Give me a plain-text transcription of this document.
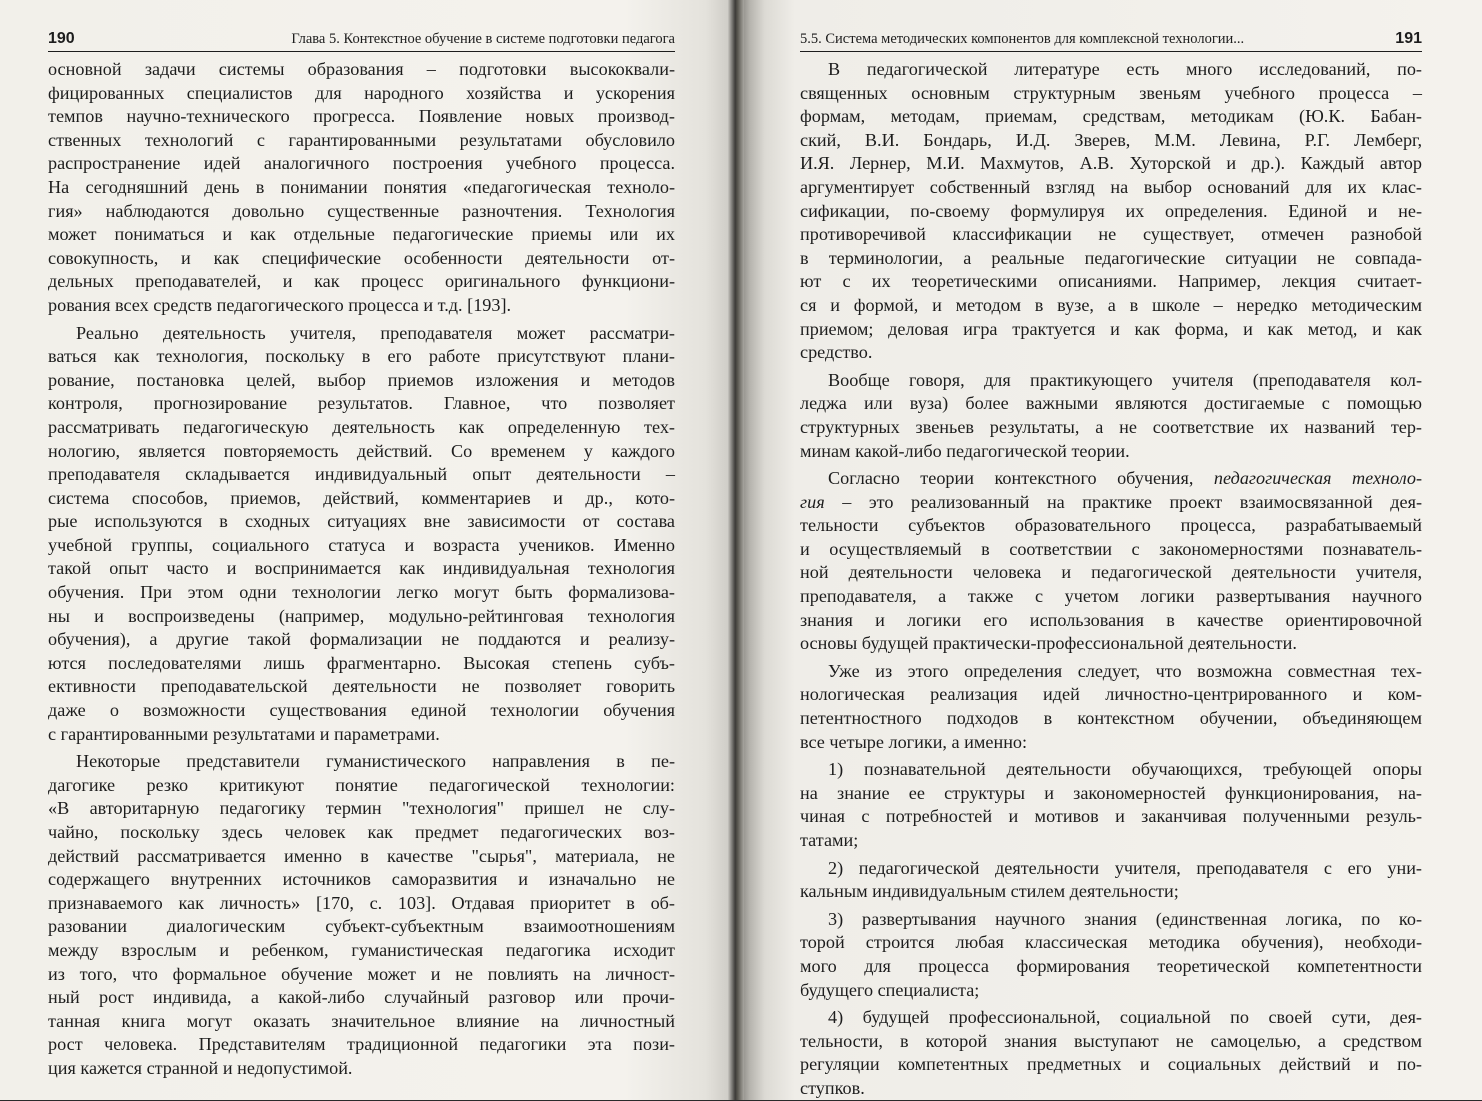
190	Глава 5. Контекстное обучение в системе подготовки педагога

основной задачи системы образования – подготовки высококвали-
фицированных специалистов для народного хозяйства и ускорения
темпов научно-технического прогресса. Появление новых производ-
ственных технологий с гарантированными результатами обусловило
распространение идей аналогичного построения учебного процесса.
На сегодняшний день в понимании понятия «педагогическая техноло-
гия» наблюдаются довольно существенные разночтения. Технология
может пониматься и как отдельные педагогические приемы или их
совокупность, и как специфические особенности деятельности от-
дельных преподавателей, и как процесс оригинального функциони-
рования всех средств педагогического процесса и т.д. [193].

Реально деятельность учителя, преподавателя может рассматри-
ваться как технология, поскольку в его работе присутствуют плани-
рование, постановка целей, выбор приемов изложения и методов
контроля, прогнозирование результатов. Главное, что позволяет
рассматривать педагогическую деятельность как определенную тех-
нологию, является повторяемость действий. Со временем у каждого
преподавателя складывается индивидуальный опыт деятельности –
система способов, приемов, действий, комментариев и др., кото-
рые используются в сходных ситуациях вне зависимости от состава
учебной группы, социального статуса и возраста учеников. Именно
такой опыт часто и воспринимается как индивидуальная технология
обучения. При этом одни технологии легко могут быть формализова-
ны и воспроизведены (например, модульно-рейтинговая технология
обучения), а другие такой формализации не поддаются и реализу-
ются последователями лишь фрагментарно. Высокая степень субъ-
ективности преподавательской деятельности не позволяет говорить
даже о возможности существования единой технологии обучения
с гарантированными результатами и параметрами.

Некоторые представители гуманистического направления в пе-
дагогике резко критикуют понятие педагогической технологии:
«В авторитарную педагогику термин "технология" пришел не слу-
чайно, поскольку здесь человек как предмет педагогических воз-
действий рассматривается именно в качестве "сырья", материала, не
содержащего внутренних источников саморазвития и изначально не
признаваемого как личность» [170, с. 103]. Отдавая приоритет в об-
разовании диалогическим субъект-субъектным взаимоотношениям
между взрослым и ребенком, гуманистическая педагогика исходит
из того, что формальное обучение может и не повлиять на личност-
ный рост индивида, а какой-либо случайный разговор или прочи-
танная книга могут оказать значительное влияние на личностный
рост человека. Представителям традиционной педагогики эта пози-
ция кажется странной и недопустимой.

5.5. Система методических компонентов для комплексной технологии...	191

В педагогической литературе есть много исследований, по-
священных основным структурным звеньям учебного процесса –
формам, методам, приемам, средствам, методикам (Ю.К. Бабан-
ский, В.И. Бондарь, И.Д. Зверев, М.М. Левина, Р.Г. Лемберг,
И.Я. Лернер, М.И. Махмутов, А.В. Хуторской и др.). Каждый автор
аргументирует собственный взгляд на выбор оснований для их клас-
сификации, по-своему формулируя их определения. Единой и не-
противоречивой классификации не существует, отмечен разнобой
в терминологии, а реальные педагогические ситуации не совпада-
ют с их теоретическими описаниями. Например, лекция считает-
ся и формой, и методом в вузе, а в школе – нередко методическим
приемом; деловая игра трактуется и как форма, и как метод, и как
средство.

Вообще говоря, для практикующего учителя (преподавателя кол-
леджа или вуза) более важными являются достигаемые с помощью
структурных звеньев результаты, а не соответствие их названий тер-
минам какой-либо педагогической теории.

Согласно теории контекстного обучения, педагогическая техноло-
гия – это реализованный на практике проект взаимосвязанной дея-
тельности субъектов образовательного процесса, разрабатываемый
и осуществляемый в соответствии с закономерностями познаватель-
ной деятельности человека и педагогической деятельности учителя,
преподавателя, а также с учетом логики развертывания научного
знания и логики его использования в качестве ориентировочной
основы будущей практически-профессиональной деятельности.

Уже из этого определения следует, что возможна совместная тех-
нологическая реализация идей личностно-центрированного и ком-
петентностного подходов в контекстном обучении, объединяющем
все четыре логики, а именно:

1) познавательной деятельности обучающихся, требующей опоры
на знание ее структуры и закономерностей функционирования, на-
чиная с потребностей и мотивов и заканчивая полученными резуль-
татами;

2) педагогической деятельности учителя, преподавателя с его уни-
кальным индивидуальным стилем деятельности;

3) развертывания научного знания (единственная логика, по ко-
торой строится любая классическая методика обучения), необходи-
мого для процесса формирования теоретической компетентности
будущего специалиста;

4) будущей профессиональной, социальной по своей сути, дея-
тельности, в которой знания выступают не самоцелью, а средством
регуляции компетентных предметных и социальных действий и по-
ступков.
